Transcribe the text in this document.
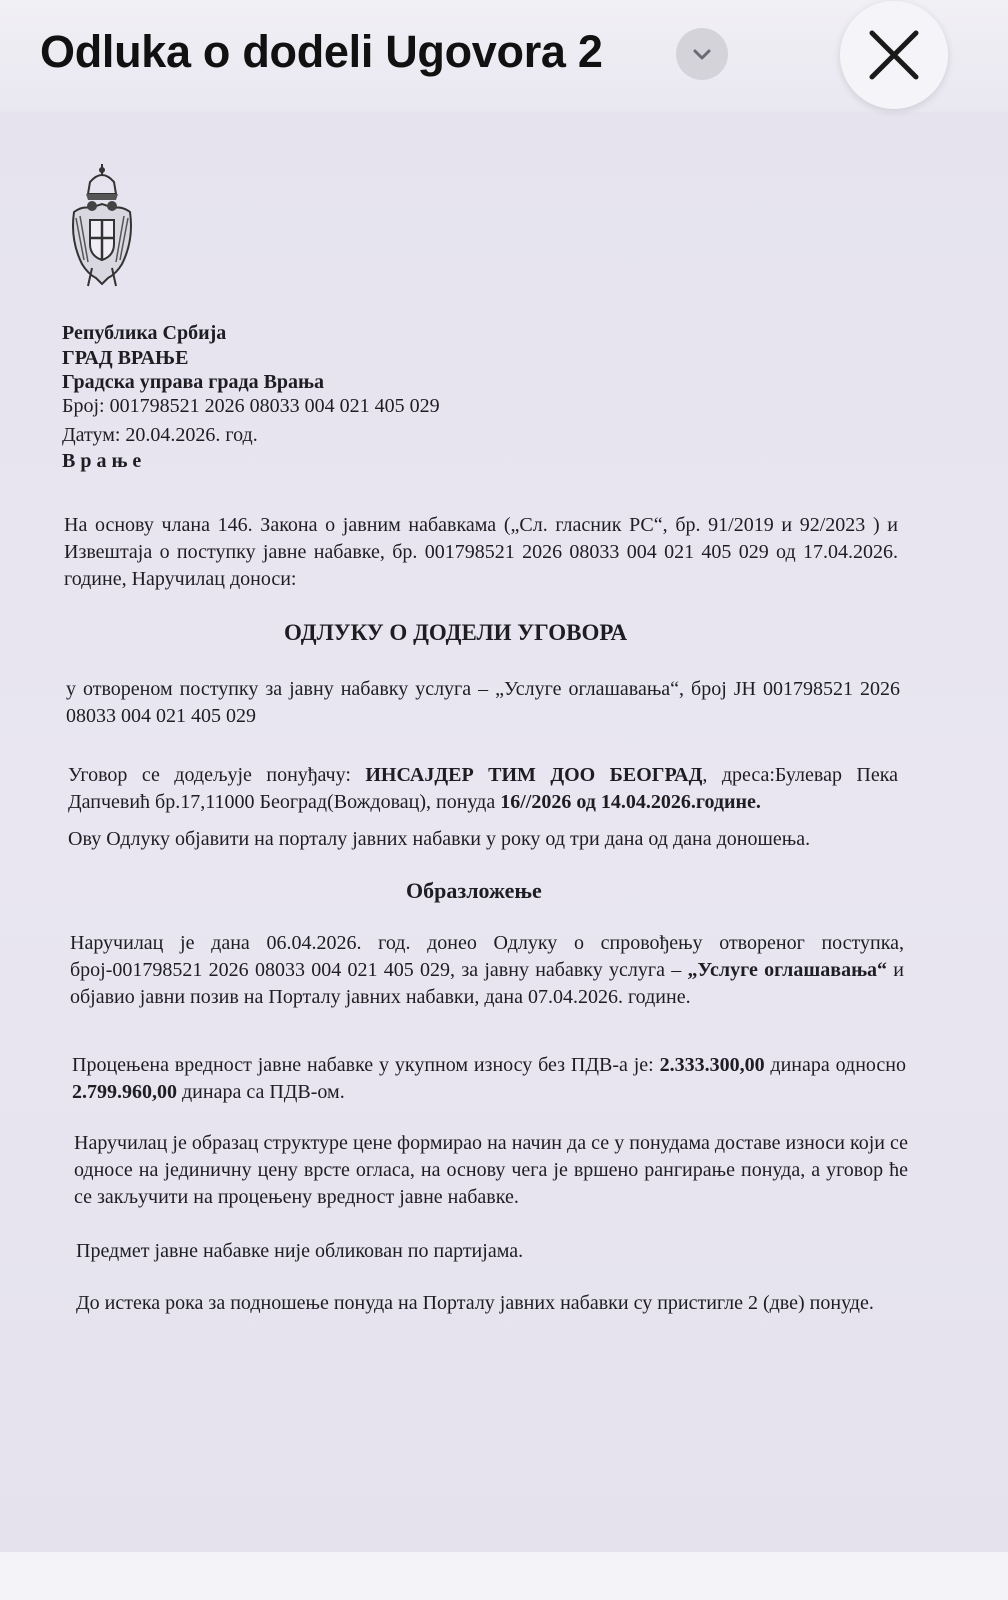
Република Србија
ГРАД ВРАЊЕ
Градска управа града Врања
Број: 001798521 2026 08033 004 021 405 029
Датум: 20.04.2026. год.
В р а њ е
На основу члана 146. Закона о јавним набавкама („Сл. гласник РС“, бр. 91/2019 и 92/2023 ) и Извештаја о поступку јавне набавке, бр. 001798521 2026 08033 004 021 405 029 од 17.04.2026. године, Наручилац доноси:
ОДЛУКУ О ДОДЕЛИ УГОВОРА
у отвореном поступку за јавну набавку услуга – „Услуге оглашавања“, број ЈН 001798521 2026 08033 004 021 405 029
Уговор се додељује понуђачу: ИНСАЈДЕР ТИМ ДОО БЕОГРАД, дреса:Булевар Пека Дапчевић бр.17,11000 Београд(Вождовац), понуда 16//2026 од 14.04.2026.године.
Ову Одлуку објавити на порталу јавних набавки у року од три дана од дана доношења.
Образложење
Наручилац је дана 06.04.2026. год. донео Одлуку о спровођењу отвореног поступка, број-001798521 2026 08033 004 021 405 029, за јавну набавку услуга – „Услуге оглашавања“ и објавио јавни позив на Порталу јавних набавки, дана 07.04.2026. године.
Процењена вредност јавне набавке у укупном износу без ПДВ-а је: 2.333.300,00 динара односно 2.799.960,00 динара са ПДВ-ом.
Наручилац је образац структуре цене формирао на начин да се у понудама доставе износи који се односе на јединичну цену врсте огласа, на основу чега је вршено рангирање понуда, а уговор ће се закључити на процењену вредност јавне набавке.
Предмет јавне набавке није обликован по партијама.
До истека рока за подношење понуда на Порталу јавних набавки су пристигле 2 (две) понуде.
Odluka o dodeli Ugovora 2
